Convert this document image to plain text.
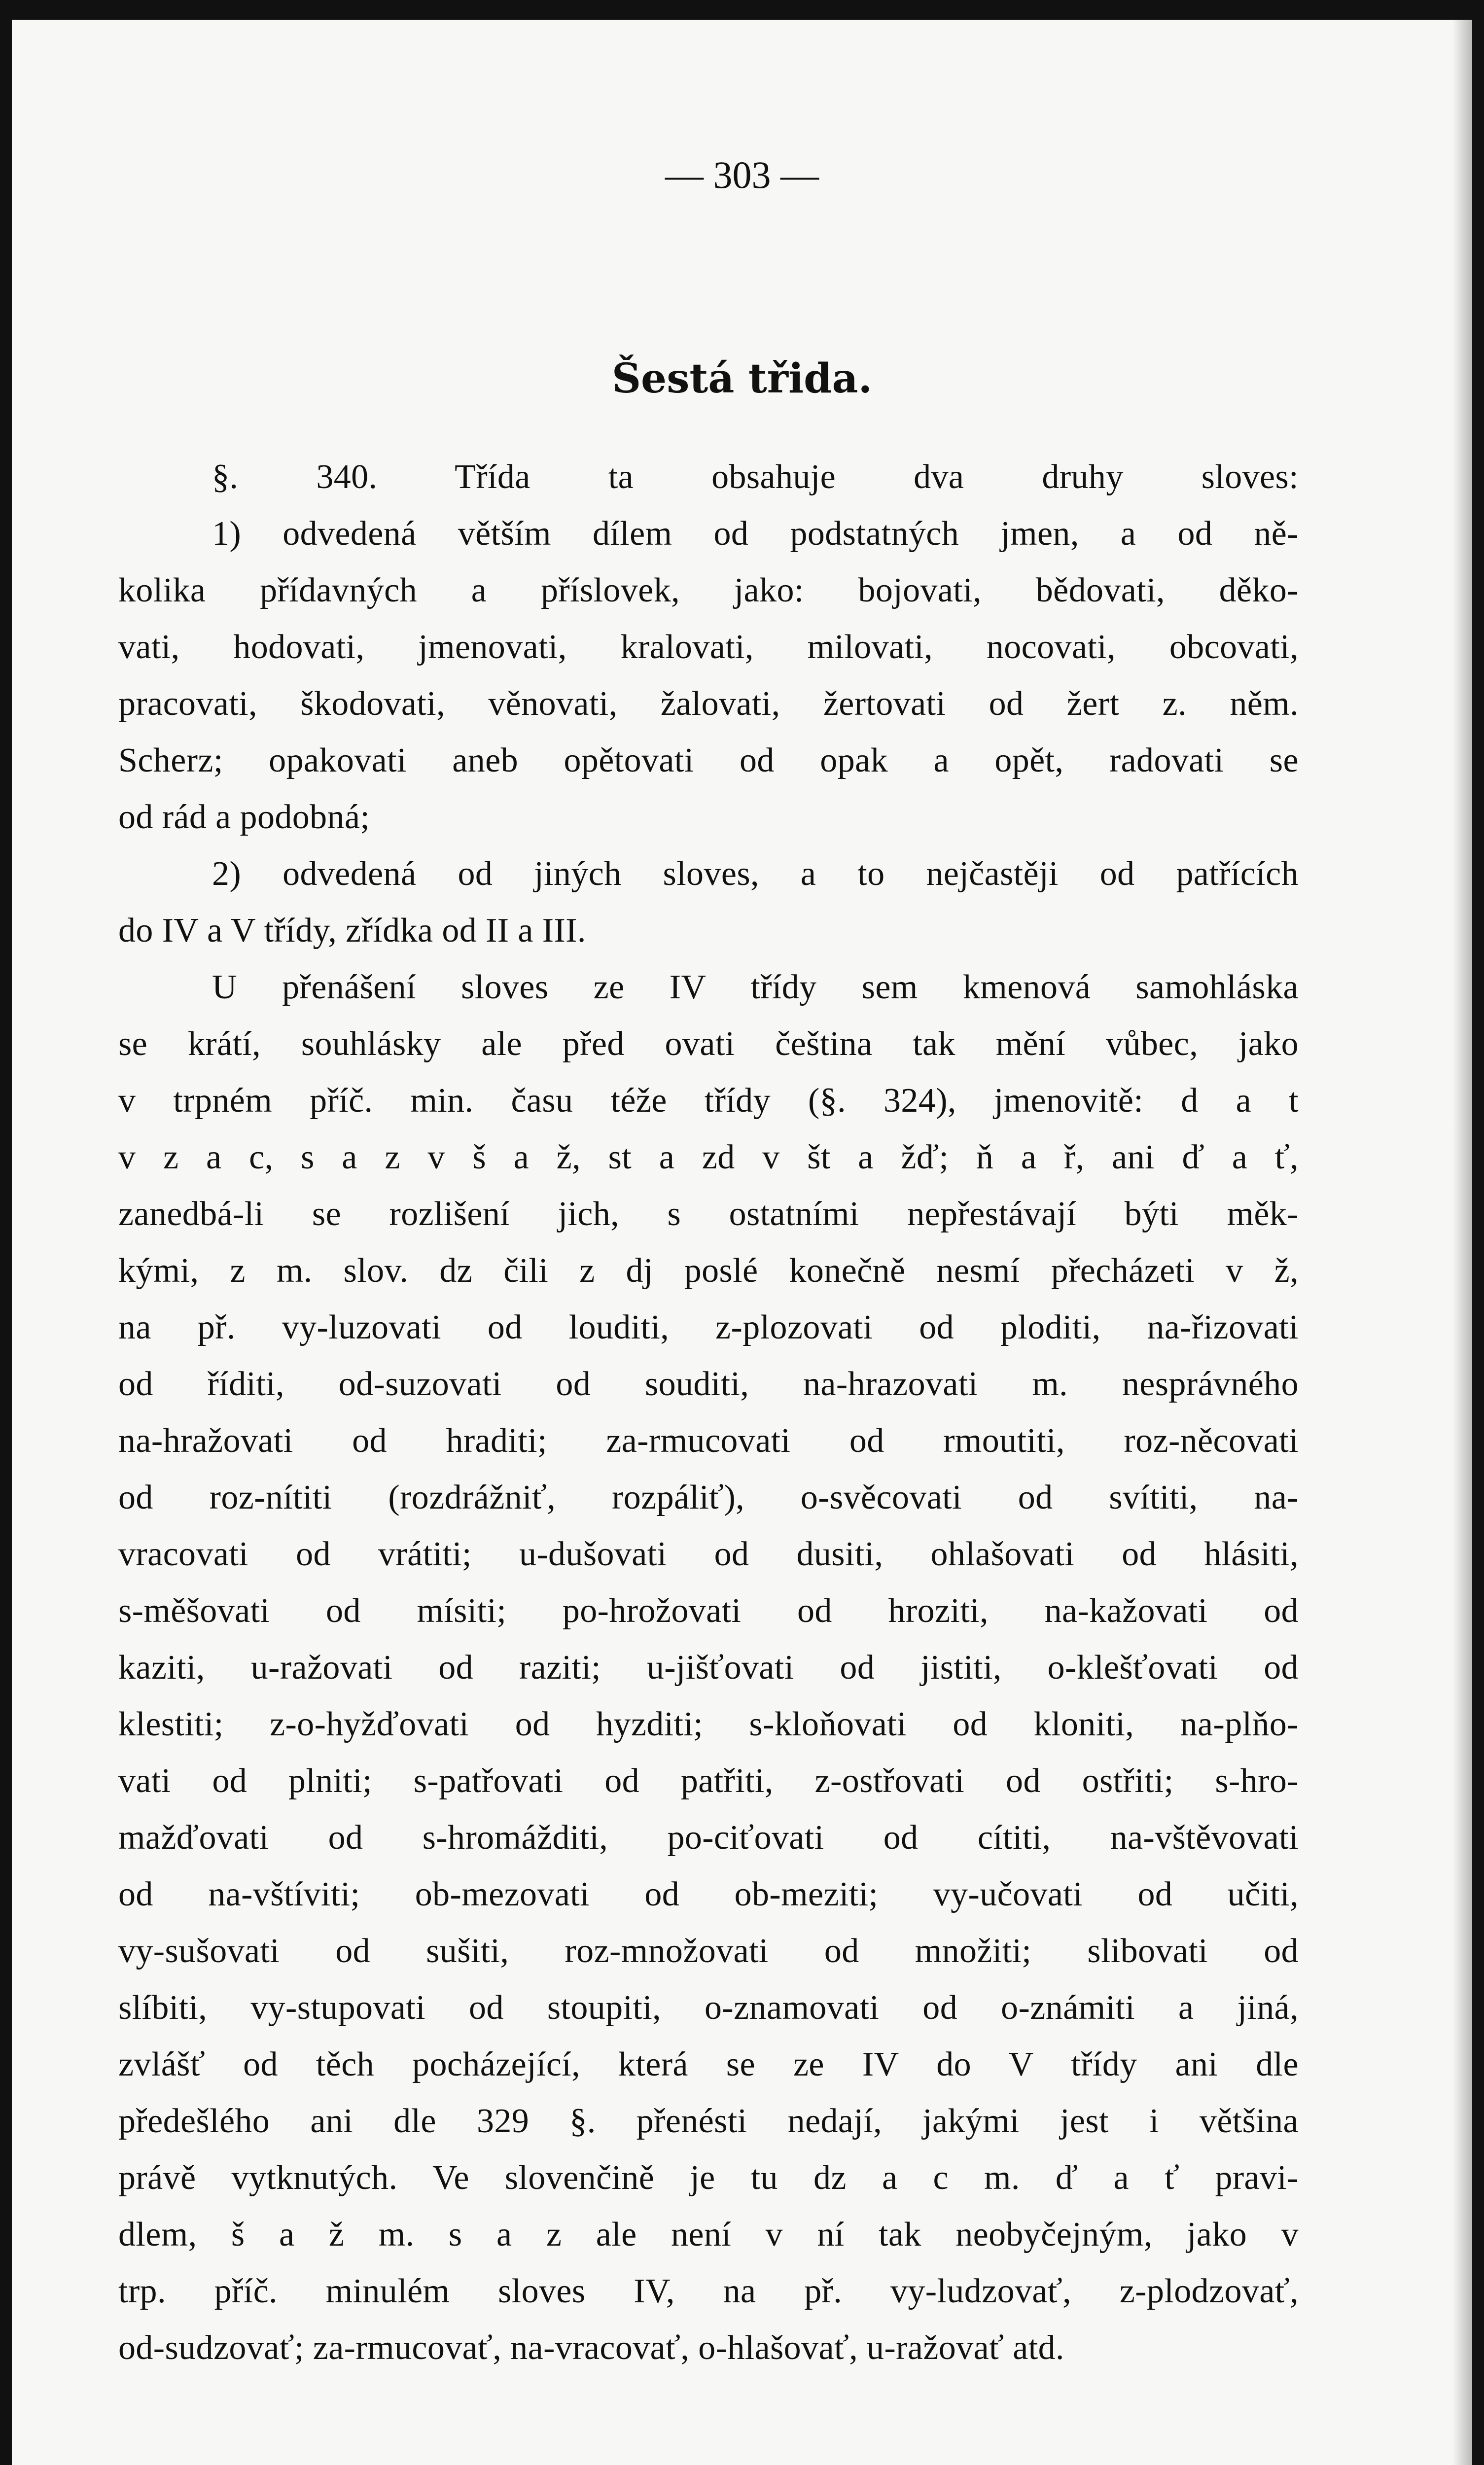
— 303 —
Šestá třida.
§. 340. Třída ta obsahuje dva druhy sloves:
1) odvedená větším dílem od podstatných jmen, a od ně-
kolika přídavných a příslovek, jako: bojovati, bědovati, děko-
vati, hodovati, jmenovati, kralovati, milovati, nocovati, obcovati,
pracovati, škodovati, věnovati, žalovati, žertovati od žert z. něm.
Scherz; opakovati aneb opětovati od opak a opět, radovati se
od rád a podobná;
2) odvedená od jiných sloves, a to nejčastěji od patřících
do IV a V třídy, zřídka od II a III.
U přenášení sloves ze IV třídy sem kmenová samohláska
se krátí, souhlásky ale před ovati čeština tak mění vůbec, jako
v trpném příč. min. času téže třídy (§. 324), jmenovitě: d a t
v z a c, s a z v š a ž, st a zd v št a žď; ň a ř, ani ď a ť,
zanedbá-li se rozlišení jich, s ostatními nepřestávají býti měk-
kými, z m. slov. dz čili z dj poslé konečně nesmí přecházeti v ž,
na př. vy-luzovati od louditi, z-plozovati od ploditi, na-řizovati
od říditi, od-suzovati od souditi, na-hrazovati m. nesprávného
na-hražovati od hraditi; za-rmucovati od rmoutiti, roz-něcovati
od roz-nítiti (rozdrážniť, rozpáliť), o-svěcovati od svítiti, na-
vracovati od vrátiti; u-dušovati od dusiti, ohlašovati od hlásiti,
s-měšovati od mísiti; po-hrožovati od hroziti, na-kažovati od
kaziti, u-ražovati od raziti; u-jišťovati od jistiti, o-klešťovati od
klestiti; z-o-hyžďovati od hyzditi; s-kloňovati od kloniti, na-plňo-
vati od plniti; s-patřovati od patřiti, z-ostřovati od ostřiti; s-hro-
mažďovati od s-hromážditi, po-ciťovati od cítiti, na-vštěvovati
od na-vštíviti; ob-mezovati od ob-meziti; vy-učovati od učiti,
vy-sušovati od sušiti, roz-množovati od množiti; slibovati od
slíbiti, vy-stupovati od stoupiti, o-znamovati od o-známiti a jiná,
zvlášť od těch pocházející, která se ze IV do V třídy ani dle
předešlého ani dle 329 §. přenésti nedají, jakými jest i většina
právě vytknutých. Ve slovenčině je tu dz a c m. ď a ť pravi-
dlem, š a ž m. s a z ale není v ní tak neobyčejným, jako v
trp. příč. minulém sloves IV, na př. vy-ludzovať, z-plodzovať,
od-sudzovať; za-rmucovať, na-vracovať, o-hlašovať, u-ražovať atd.
